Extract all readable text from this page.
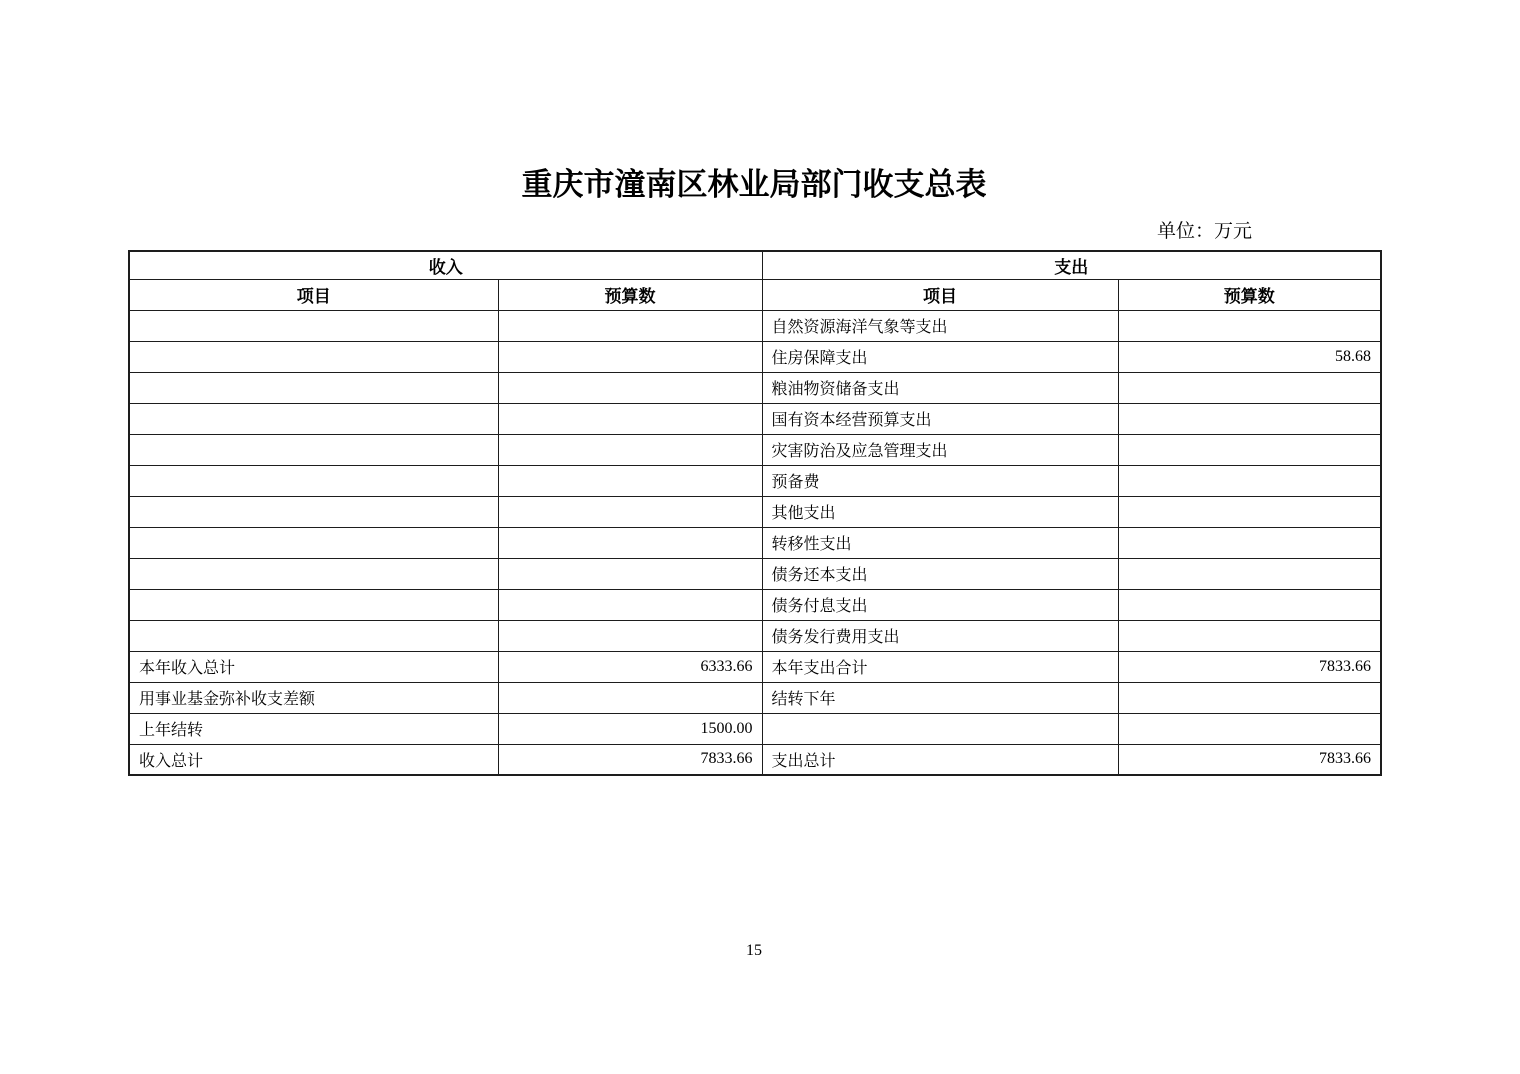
重庆市潼南区林业局部门收支总表
单位：万元
收入		支出	
项目	预算数	项目	预算数
		自然资源海洋气象等支出	
		住房保障支出	58.68
		粮油物资储备支出	
		国有资本经营预算支出	
		灾害防治及应急管理支出	
		预备费	
		其他支出	
		转移性支出	
		债务还本支出	
		债务付息支出	
		债务发行费用支出	
本年收入总计	6333.66	本年支出合计	7833.66
用事业基金弥补收支差额		结转下年	
上年结转	1500.00		
收入总计	7833.66	支出总计	7833.66
15
